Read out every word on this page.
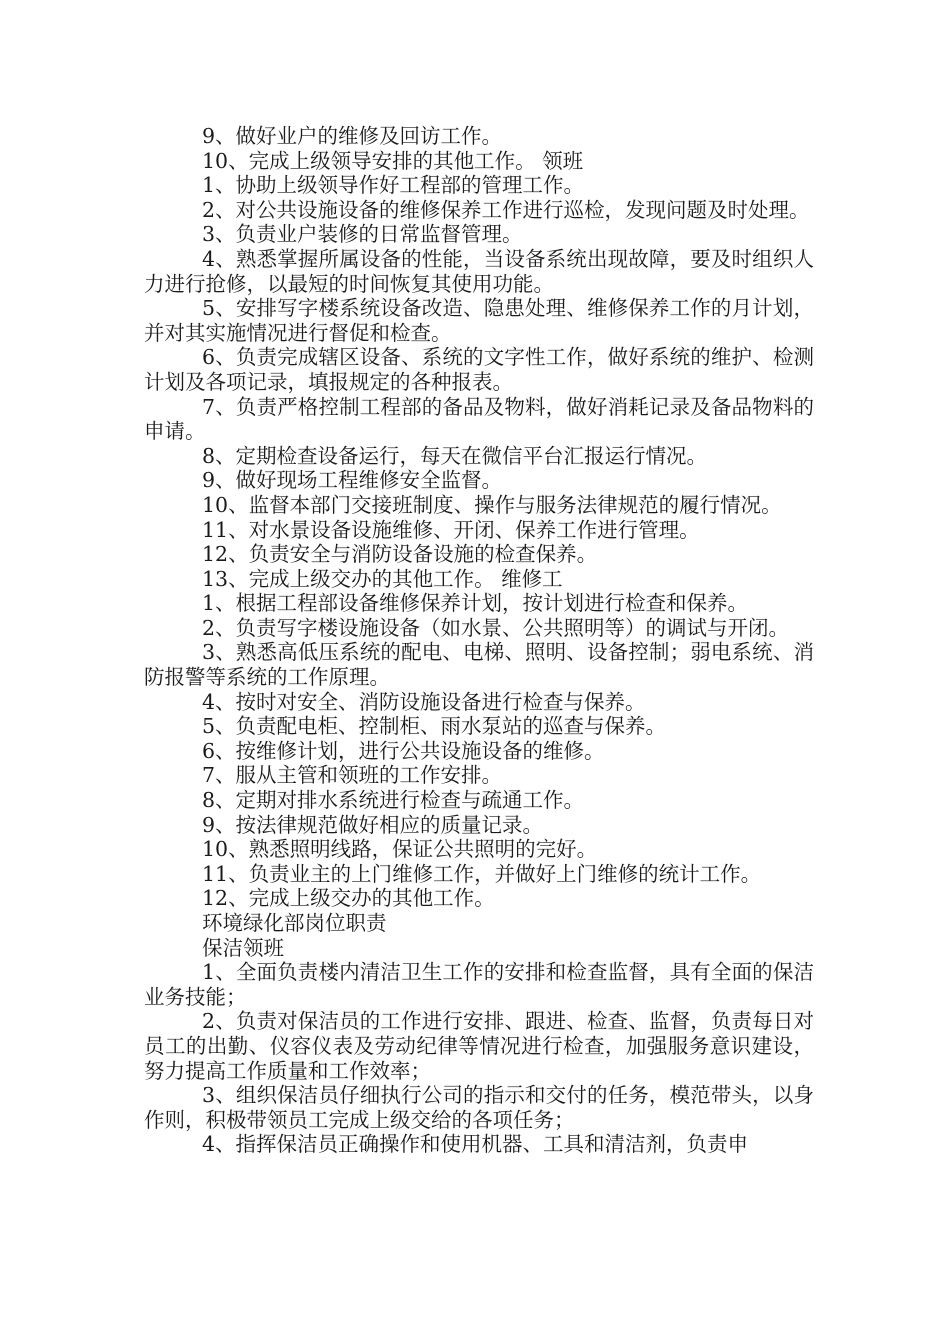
9、做好业户的维修及回访工作。

10、完成上级领导安排的其他工作。 领班

1、协助上级领导作好工程部的管理工作。

2、对公共设施设备的维修保养工作进行巡检，发现问题及时处理。

3、负责业户装修的日常监督管理。

4、熟悉掌握所属设备的性能，当设备系统出现故障，要及时组织人力进行抢修，以最短的时间恢复其使用功能。

5、安排写字楼系统设备改造、隐患处理、维修保养工作的月计划，并对其实施情况进行督促和检查。

6、负责完成辖区设备、系统的文字性工作，做好系统的维护、检测计划及各项记录，填报规定的各种报表。

7、负责严格控制工程部的备品及物料，做好消耗记录及备品物料的申请。

8、定期检查设备运行，每天在微信平台汇报运行情况。

9、做好现场工程维修安全监督。

10、监督本部门交接班制度、操作与服务法律规范的履行情况。

11、对水景设备设施维修、开闭、保养工作进行管理。

12、负责安全与消防设备设施的检查保养。

13、完成上级交办的其他工作。 维修工

1、根据工程部设备维修保养计划，按计划进行检查和保养。

2、负责写字楼设施设备（如水景、公共照明等）的调试与开闭。

3、熟悉高低压系统的配电、电梯、照明、设备控制；弱电系统、消防报警等系统的工作原理。

4、按时对安全、消防设施设备进行检查与保养。

5、负责配电柜、控制柜、雨水泵站的巡查与保养。

6、按维修计划，进行公共设施设备的维修。

7、服从主管和领班的工作安排。

8、定期对排水系统进行检查与疏通工作。

9、按法律规范做好相应的质量记录。

10、熟悉照明线路，保证公共照明的完好。

11、负责业主的上门维修工作，并做好上门维修的统计工作。

12、完成上级交办的其他工作。

环境绿化部岗位职责

保洁领班

1、全面负责楼内清洁卫生工作的安排和检查监督，具有全面的保洁业务技能；

2、负责对保洁员的工作进行安排、跟进、检查、监督，负责每日对员工的出勤、仪容仪表及劳动纪律等情况进行检查，加强服务意识建设，努力提高工作质量和工作效率；

3、组织保洁员仔细执行公司的指示和交付的任务，模范带头，以身作则，积极带领员工完成上级交给的各项任务；

4、指挥保洁员正确操作和使用机器、工具和清洁剂，负责申
